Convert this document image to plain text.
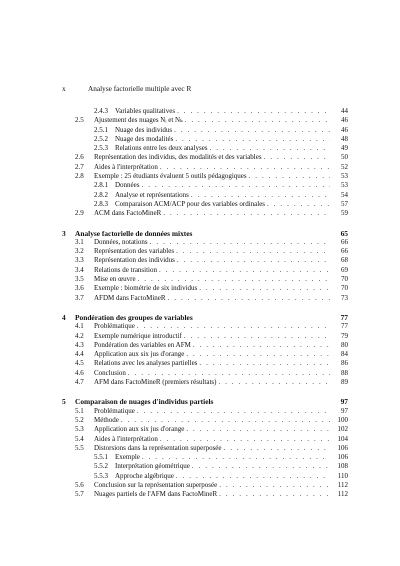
x	Analyse factorielle multiple avec R
2.4.3	Variables qualitatives . . .	44
2.5	Ajustement des nuages Nᵢ et Nₖ . . .	46
2.5.1	Nuage des individus . . .	46
2.5.2	Nuage des modalités . . .	48
2.5.3	Relations entre les deux analyses . . .	49
2.6	Représentation des individus, des modalités et des variables . . .	50
2.7	Aides à l'interprétation . . .	52
2.8	Exemple : 25 étudiants évaluent 5 outils pédagogiques . . .	53
2.8.1	Données . . .	53
2.8.2	Analyse et représentations . . .	54
2.8.3	Comparaison ACM/ACP pour des variables ordinales . . .	57
2.9	ACM dans FactoMineR . . .	59
3	Analyse factorielle de données mixtes	65
3.1	Données, notations . . .	66
3.2	Représentation des variables . . .	66
3.3	Représentation des individus . . .	68
3.4	Relations de transition . . .	69
3.5	Mise en œuvre . . .	70
3.6	Exemple : biométrie de six individus . . .	70
3.7	AFDM dans FactoMineR . . .	73
4	Pondération des groupes de variables	77
4.1	Problématique . . .	77
4.2	Exemple numérique introductif . . .	79
4.3	Pondération des variables en AFM . . .	80
4.4	Application aux six jus d'orange . . .	84
4.5	Relations avec les analyses partielles . . .	86
4.6	Conclusion . . .	88
4.7	AFM dans FactoMineR (premiers résultats) . . .	89
5	Comparaison de nuages d'individus partiels	97
5.1	Problématique . . .	97
5.2	Méthode . . .	100
5.3	Application aux six jus d'orange . . .	102
5.4	Aides à l'interprétation . . .	104
5.5	Distorsions dans la représentation superposée . . .	106
5.5.1	Exemple . . .	106
5.5.2	Interprétation géométrique . . .	108
5.5.3	Approche algébrique . . .	110
5.6	Conclusion sur la représentation superposée . . .	112
5.7	Nuages partiels de l'AFM dans FactoMineR . . .	112
